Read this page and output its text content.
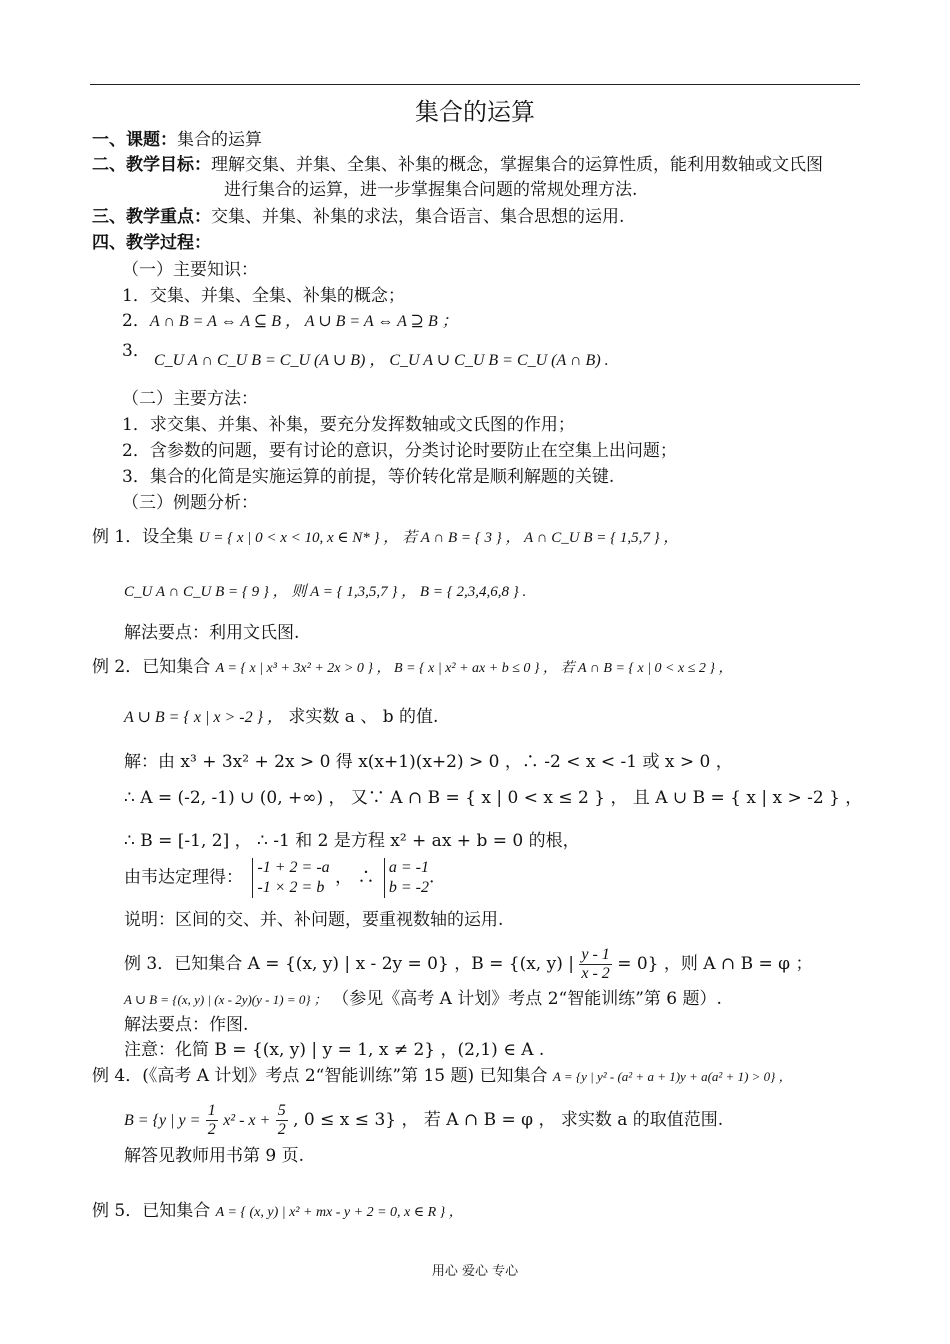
集合的运算
一、课题：集合的运算
二、教学目标：理解交集、并集、全集、补集的概念，掌握集合的运算性质，能利用数轴或文氏图
进行集合的运算，进一步掌握集合问题的常规处理方法.
三、教学重点：交集、并集、补集的求法，集合语言、集合思想的运用.
四、教学过程：
（一）主要知识：
1．交集、并集、全集、补集的概念；
2．A ∩ B = A ⇔ A ⊆ B ， A ∪ B = A ⇔ A ⊇ B ；
3． C_U A ∩ C_U B = C_U (A ∪ B) ， C_U A ∪ C_U B = C_U (A ∩ B) .
（二）主要方法：
1．求交集、并集、补集，要充分发挥数轴或文氏图的作用；
2．含参数的问题，要有讨论的意识，分类讨论时要防止在空集上出问题；
3．集合的化简是实施运算的前提，等价转化常是顺利解题的关键.
（三）例题分析：
例 1．设全集 U = { x | 0 < x < 10, x ∈ N* } ， 若 A ∩ B = { 3 } ， A ∩ C_U B = { 1,5,7 } ，
C_U A ∩ C_U B = { 9 } ， 则 A = { 1,3,5,7 } ， B = { 2,3,4,6,8 } .
解法要点：利用文氏图.
例 2．已知集合 A = { x | x³ + 3x² + 2x > 0 } ， B = { x | x² + ax + b ≤ 0 } ， 若 A ∩ B = { x | 0 < x ≤ 2 } ，
A ∪ B = { x | x > -2 } ， 求实数 a 、 b 的值.
解：由 x³ + 3x² + 2x > 0 得 x(x+1)(x+2) > 0 ，∴ -2 < x < -1 或 x > 0 ，
∴ A = (-2, -1) ∪ (0, +∞) ， 又∵ A ∩ B = { x | 0 < x ≤ 2 } ， 且 A ∪ B = { x | x > -2 } ，
∴ B = [-1, 2] ， ∴ -1 和 2 是方程 x² + ax + b = 0 的根，
由韦达定理得： -1 + 2 = -a
-1 × 2 = b ， ∴ a = -1
b = -2 .
说明：区间的交、并、补问题，要重视数轴的运用.
例 3．已知集合 A = {(x, y) | x - 2y = 0} ，B = {(x, y) | $\frac{y - 1}{x - 2} = 0$} ，则 A ∩ B = φ ；
A ∪ B = {(x, y) | (x - 2y)(y - 1) = 0} ； （参见《高考 A 计划》考点 2“智能训练”第 6 题）.
解法要点：作图.
注意：化简 B = {(x, y) | y = 1, x ≠ 2} ，(2,1) ∈ A .
例 4．(《高考 A 计划》考点 2“智能训练”第 15 题) 已知集合 A = {y | y² - (a² + a + 1)y + a(a² + 1) > 0} ，
B = {y | $y = \frac{1}{2} x^2 - x + \frac{5}{2}$ , 0 ≤ x ≤ 3} ， 若 A ∩ B = φ ， 求实数 a 的取值范围.
解答见教师用书第 9 页.
例 5．已知集合 A = { (x, y) | x² + mx - y + 2 = 0, x ∈ R } ，
用心 爱心 专心
